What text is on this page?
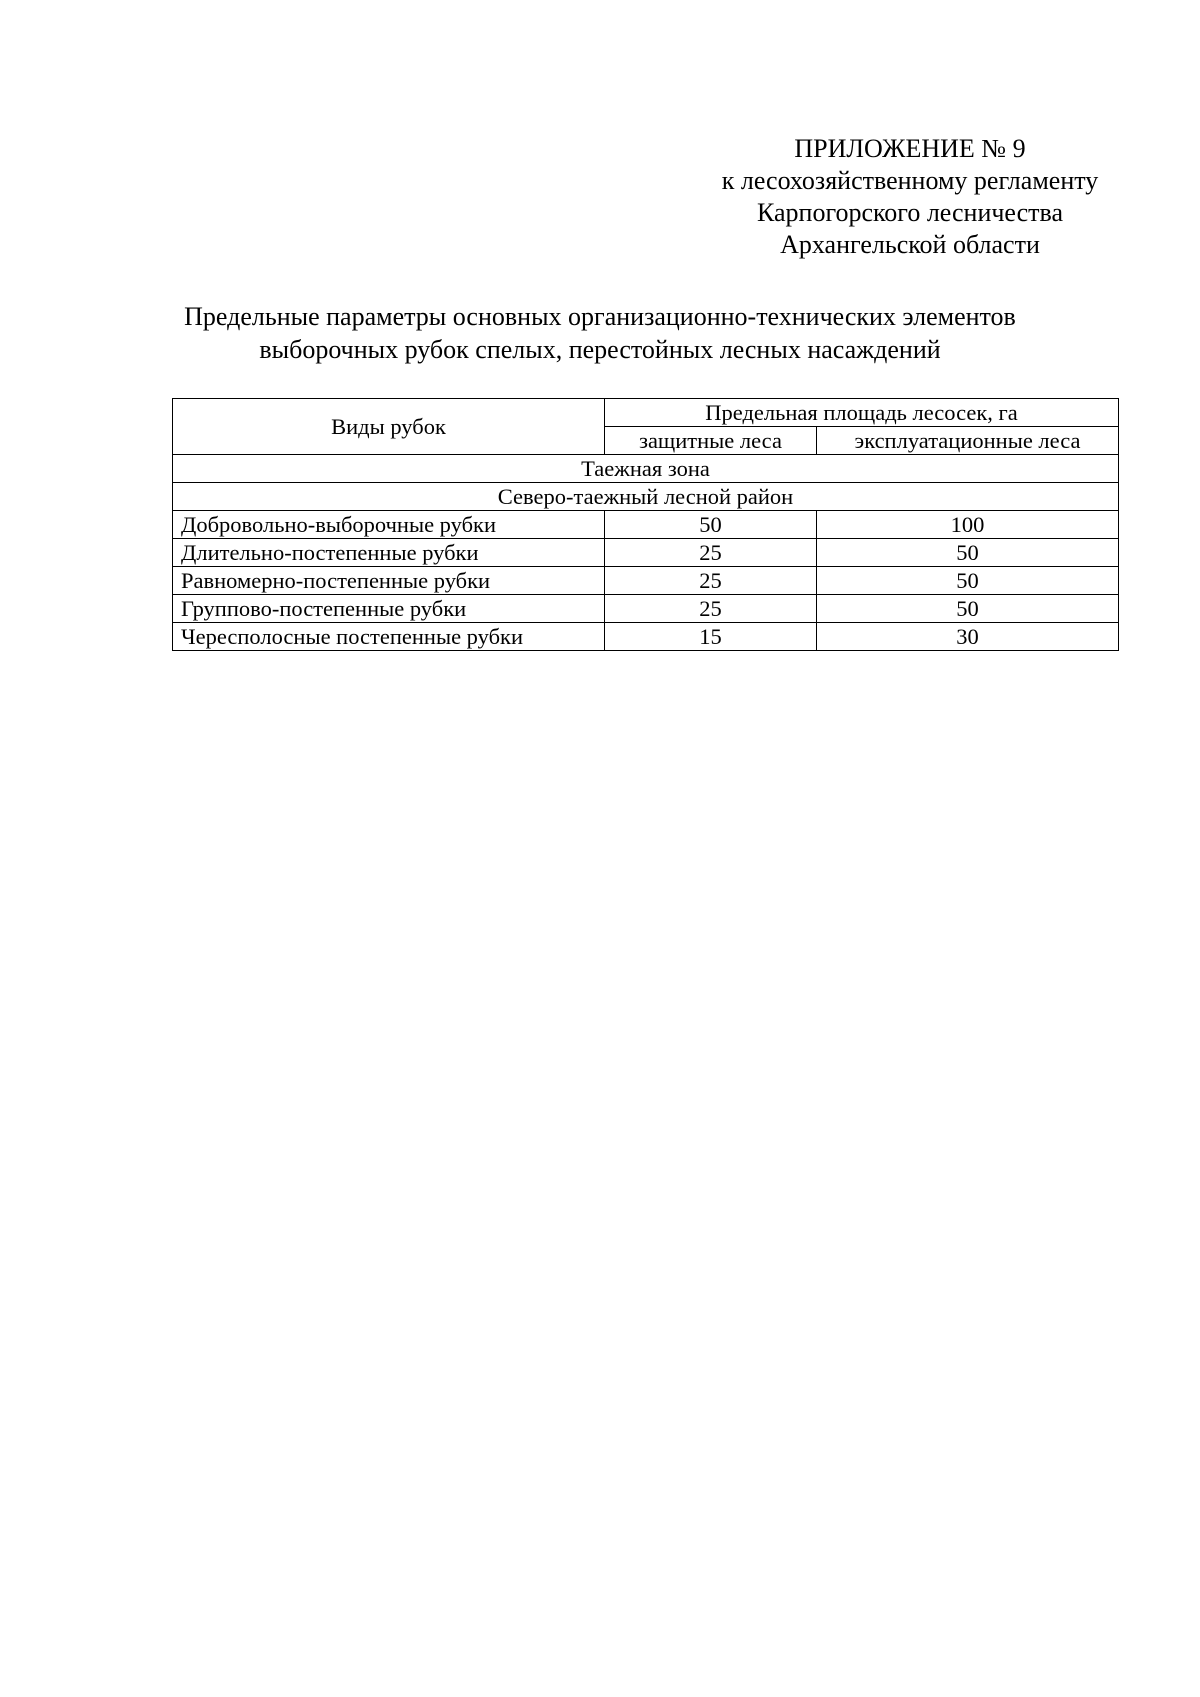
ПРИЛОЖЕНИЕ № 9
к лесохозяйственному регламенту
Карпогорского лесничества
Архангельской области
Предельные параметры основных организационно-технических элементов
выборочных рубок спелых, перестойных лесных насаждений
Виды рубок	Предельная площадь лесосек, га	
	защитные леса	эксплуатационные леса
Таежная зона		
Северо-таежный лесной район		
Добровольно-выборочные рубки	50	100
Длительно-постепенные рубки	25	50
Равномерно-постепенные рубки	25	50
Группово-постепенные рубки	25	50
Чересполосные постепенные рубки	15	30
